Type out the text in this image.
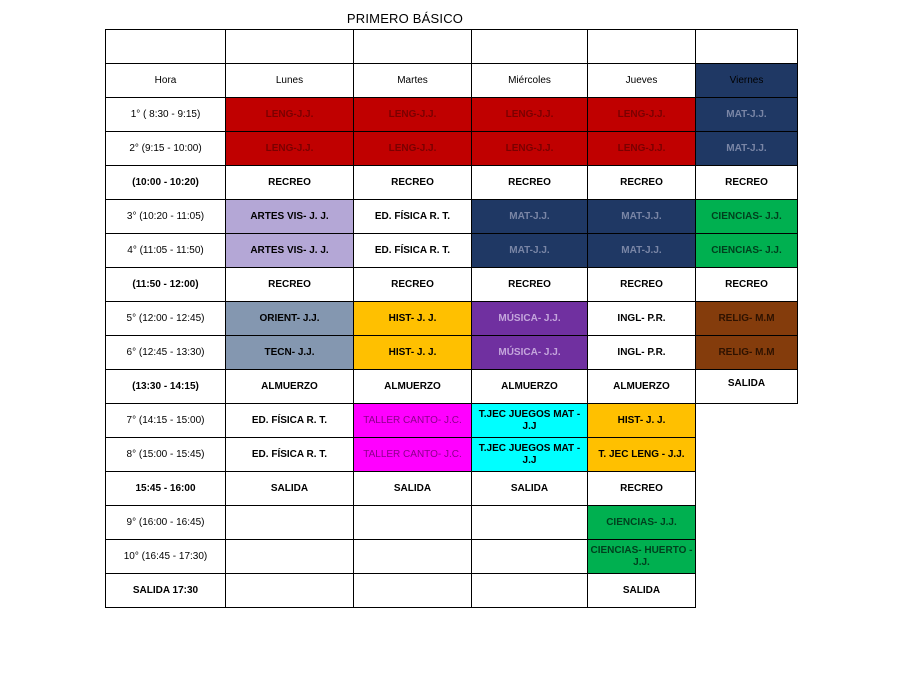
PRIMERO BÁSICO

Hora	Lunes	Martes	Miércoles	Jueves	Viernes
1° ( 8:30 - 9:15)	LENG-J.J.	LENG-J.J.	LENG-J.J.	LENG-J.J.	MAT-J.J.
2° (9:15 - 10:00)	LENG-J.J.	LENG-J.J.	LENG-J.J.	LENG-J.J.	MAT-J.J.
(10:00 - 10:20)	RECREO	RECREO	RECREO	RECREO	RECREO
3° (10:20 - 11:05)	ARTES VIS- J. J.	ED. FÍSICA R. T.	MAT-J.J.	MAT-J.J.	CIENCIAS- J.J.
4° (11:05 - 11:50)	ARTES VIS- J. J.	ED. FÍSICA R. T.	MAT-J.J.	MAT-J.J.	CIENCIAS- J.J.
(11:50 - 12:00)	RECREO	RECREO	RECREO	RECREO	RECREO
5° (12:00 - 12:45)	ORIENT- J.J.	HIST- J. J.	MÚSICA- J.J.	INGL- P.R.	RELIG- M.M
6° (12:45 - 13:30)	TECN- J.J.	HIST- J. J.	MÚSICA- J.J.	INGL- P.R.	RELIG- M.M
(13:30 - 14:15)	ALMUERZO	ALMUERZO	ALMUERZO	ALMUERZO	SALIDA
7° (14:15 - 15:00)	ED. FÍSICA R. T.	TALLER CANTO- J.C.	T.JEC JUEGOS MAT - J.J	HIST- J. J.	
8° (15:00 - 15:45)	ED. FÍSICA R. T.	TALLER CANTO- J.C.	T.JEC JUEGOS MAT - J.J	T. JEC LENG - J.J.	
15:45 - 16:00	SALIDA	SALIDA	SALIDA	RECREO	
9° (16:00 - 16:45)				CIENCIAS- J.J.	
10° (16:45 - 17:30)				CIENCIAS- HUERTO - J.J.	
SALIDA 17:30				SALIDA	
